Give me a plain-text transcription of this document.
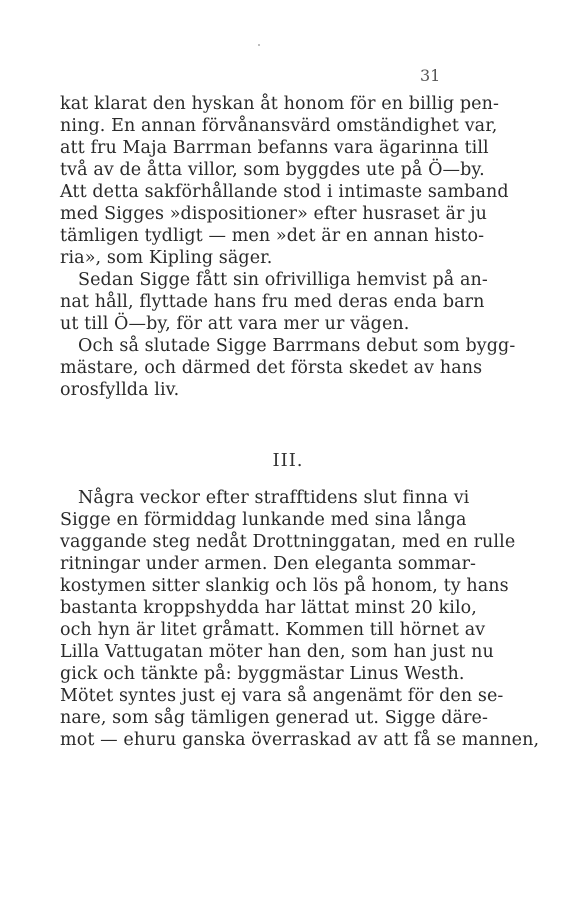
31
kat klarat den hyskan åt honom för en billig pen-
ning. En annan förvånansvärd omständighet var,
att fru Maja Barrman befanns vara ägarinna till
två av de åtta villor, som byggdes ute på Ö—by.
Att detta sakförhållande stod i intimaste samband
med Sigges »dispositioner» efter husraset är ju
tämligen tydligt — men »det är en annan histo-
ria», som Kipling säger.
Sedan Sigge fått sin ofrivilliga hemvist på an-
nat håll, flyttade hans fru med deras enda barn
ut till Ö—by, för att vara mer ur vägen.
Och så slutade Sigge Barrmans debut som bygg-
mästare, och därmed det första skedet av hans
orosfyllda liv.
III.
Några veckor efter strafftidens slut finna vi
Sigge en förmiddag lunkande med sina långa
vaggande steg nedåt Drottninggatan, med en rulle
ritningar under armen. Den eleganta sommar-
kostymen sitter slankig och lös på honom, ty hans
bastanta kroppshydda har lättat minst 20 kilo,
och hyn är litet gråmatt. Kommen till hörnet av
Lilla Vattugatan möter han den, som han just nu
gick och tänkte på: byggmästar Linus Westh.
Mötet syntes just ej vara så angenämt för den se-
nare, som såg tämligen generad ut. Sigge däre-
mot — ehuru ganska överraskad av att få se mannen,
